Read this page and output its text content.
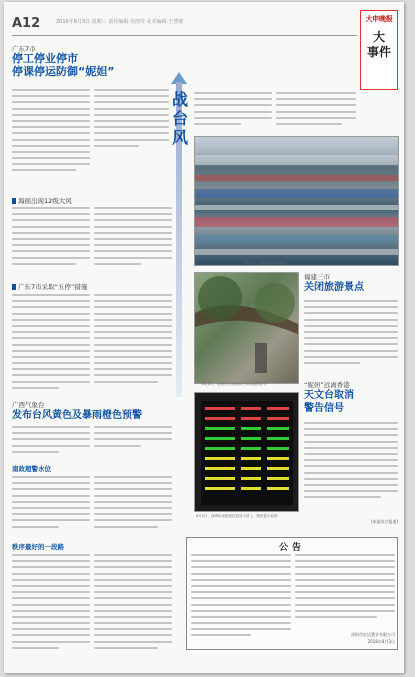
A12	2016年8月3日 星期三 责任编辑:吴雨莹 美术编辑:王慧波	大申晚报
大
事件
广东7市
停工停业停市
停课停运防御“妮妲”
海面出现12级大风
广东7市采取“五停”措施
广西气象台
发布台风黄色及暴雨橙色预警
南政超警水位
秩序最好的一段路
战
台
风
8月2日，渔船在港口内避风
8月2日，香港市民查看被台风吹倒的树木
8月2日，深圳机场航班信息显示屏上，航班显示取消
福建三市
关闭旅游景点
“妮妲”远离香港
天文台取消
警告信号
(本报综合报道)
公告
深圳市宏达置业有限公司
2016年8月3日
